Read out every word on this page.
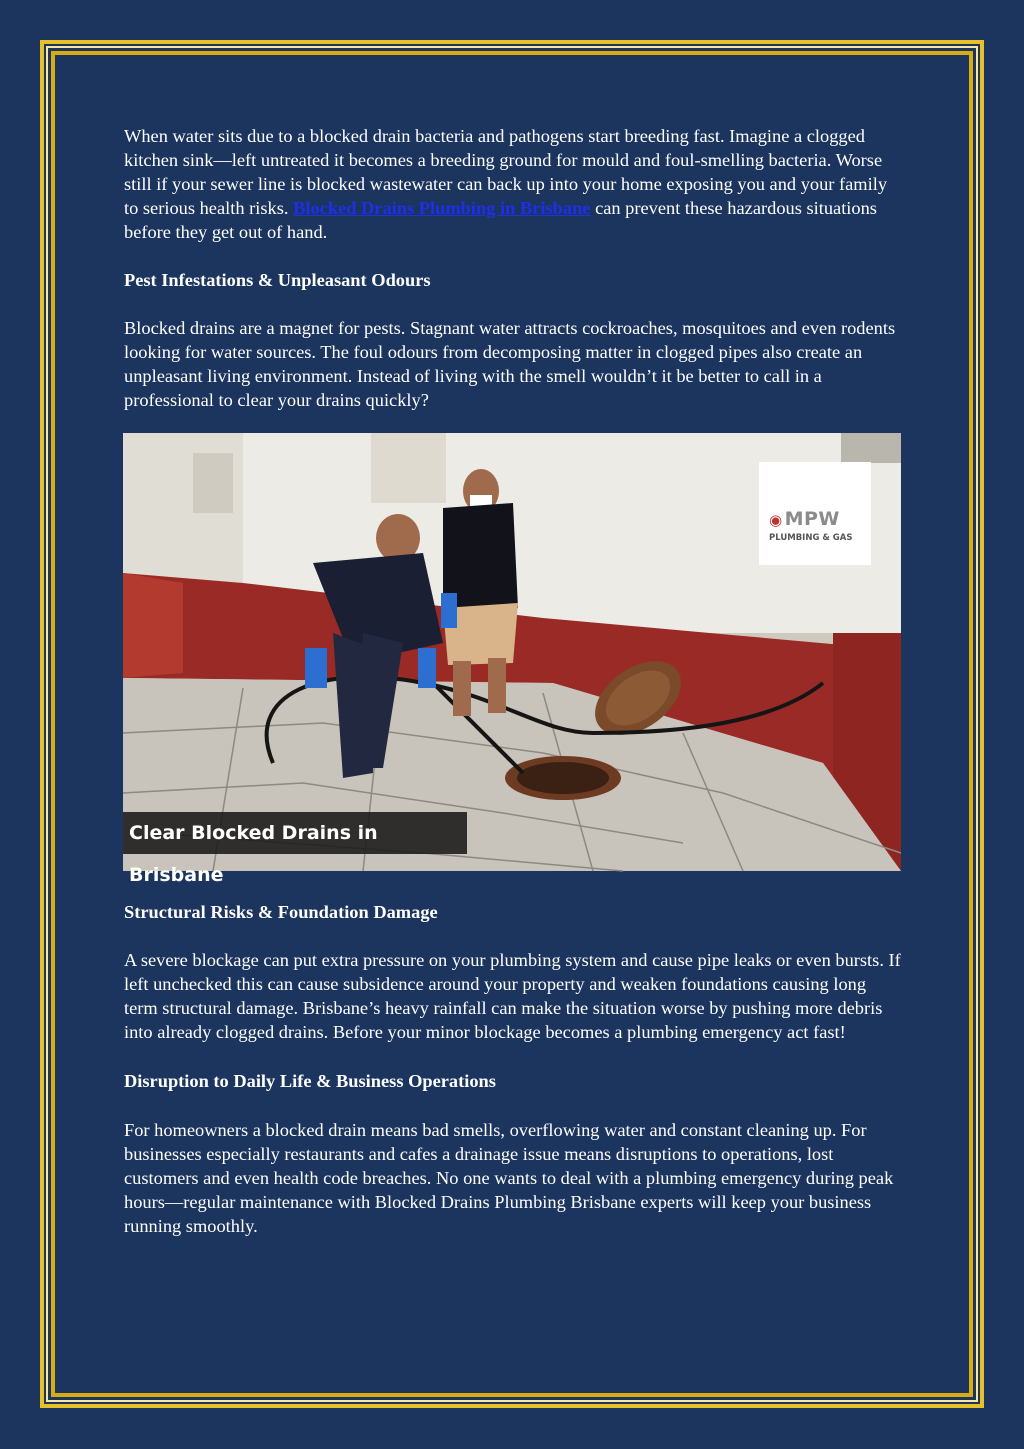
When water sits due to a blocked drain bacteria and pathogens start breeding fast. Imagine a clogged kitchen sink—left untreated it becomes a breeding ground for mould and foul-smelling bacteria. Worse still if your sewer line is blocked wastewater can back up into your home exposing you and your family to serious health risks. Blocked Drains Plumbing in Brisbane can prevent these hazardous situations before they get out of hand.

Pest Infestations & Unpleasant Odours

Blocked drains are a magnet for pests. Stagnant water attracts cockroaches, mosquitoes and even rodents looking for water sources. The foul odours from decomposing matter in clogged pipes also create an unpleasant living environment. Instead of living with the smell wouldn’t it be better to call in a professional to clear your drains quickly?

◉ MPW
PLUMBING & GAS
Clear Blocked Drains in Brisbane
Structural Risks & Foundation Damage

A severe blockage can put extra pressure on your plumbing system and cause pipe leaks or even bursts. If left unchecked this can cause subsidence around your property and weaken foundations causing long term structural damage. Brisbane’s heavy rainfall can make the situation worse by pushing more debris into already clogged drains. Before your minor blockage becomes a plumbing emergency act fast!

Disruption to Daily Life & Business Operations

For homeowners a blocked drain means bad smells, overflowing water and constant cleaning up. For businesses especially restaurants and cafes a drainage issue means disruptions to operations, lost customers and even health code breaches. No one wants to deal with a plumbing emergency during peak hours—regular maintenance with Blocked Drains Plumbing Brisbane experts will keep your business running smoothly.
